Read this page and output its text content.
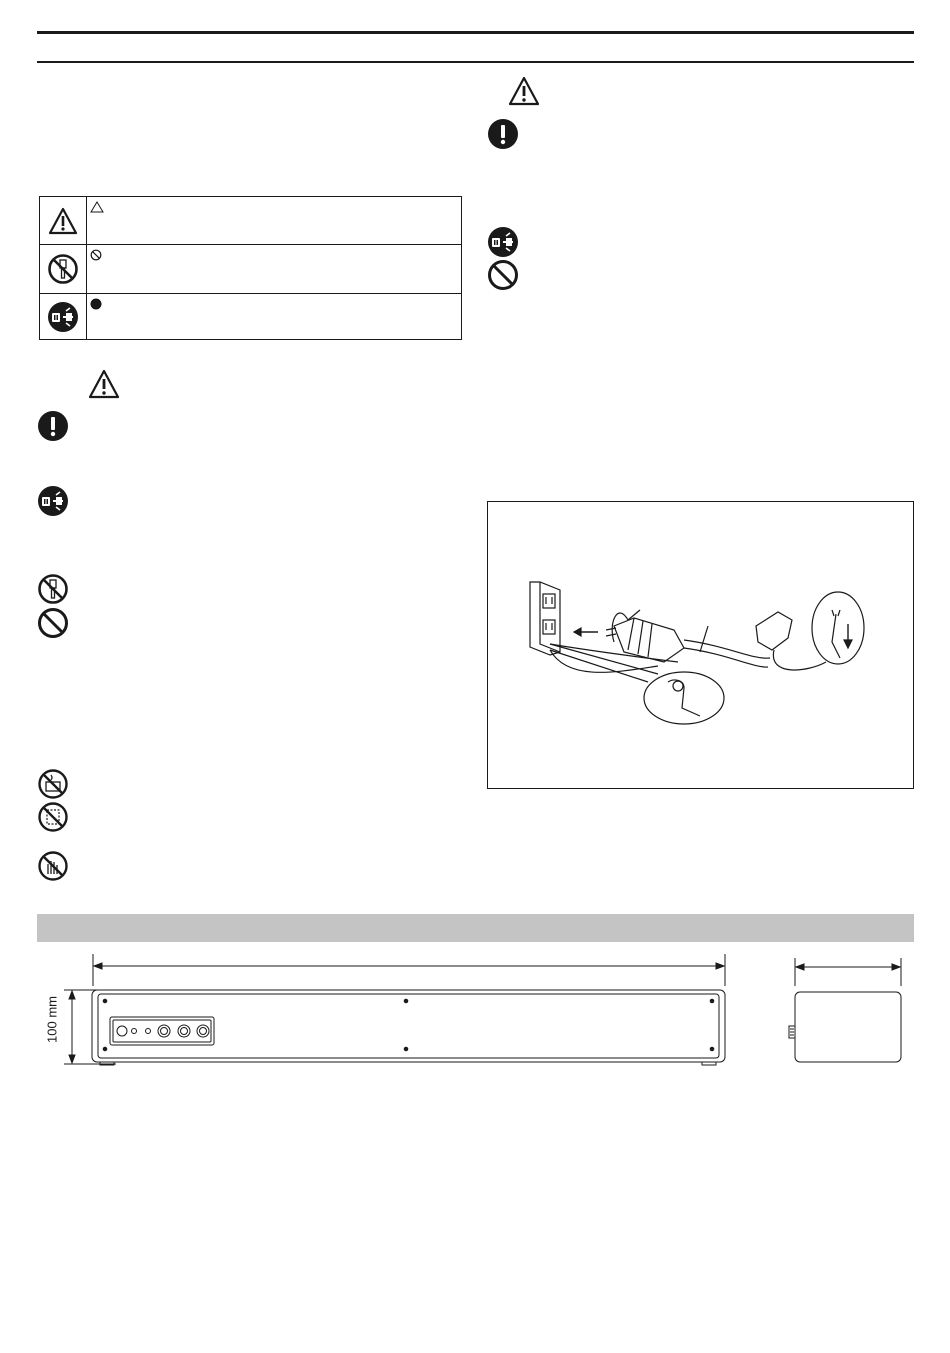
100 mm
